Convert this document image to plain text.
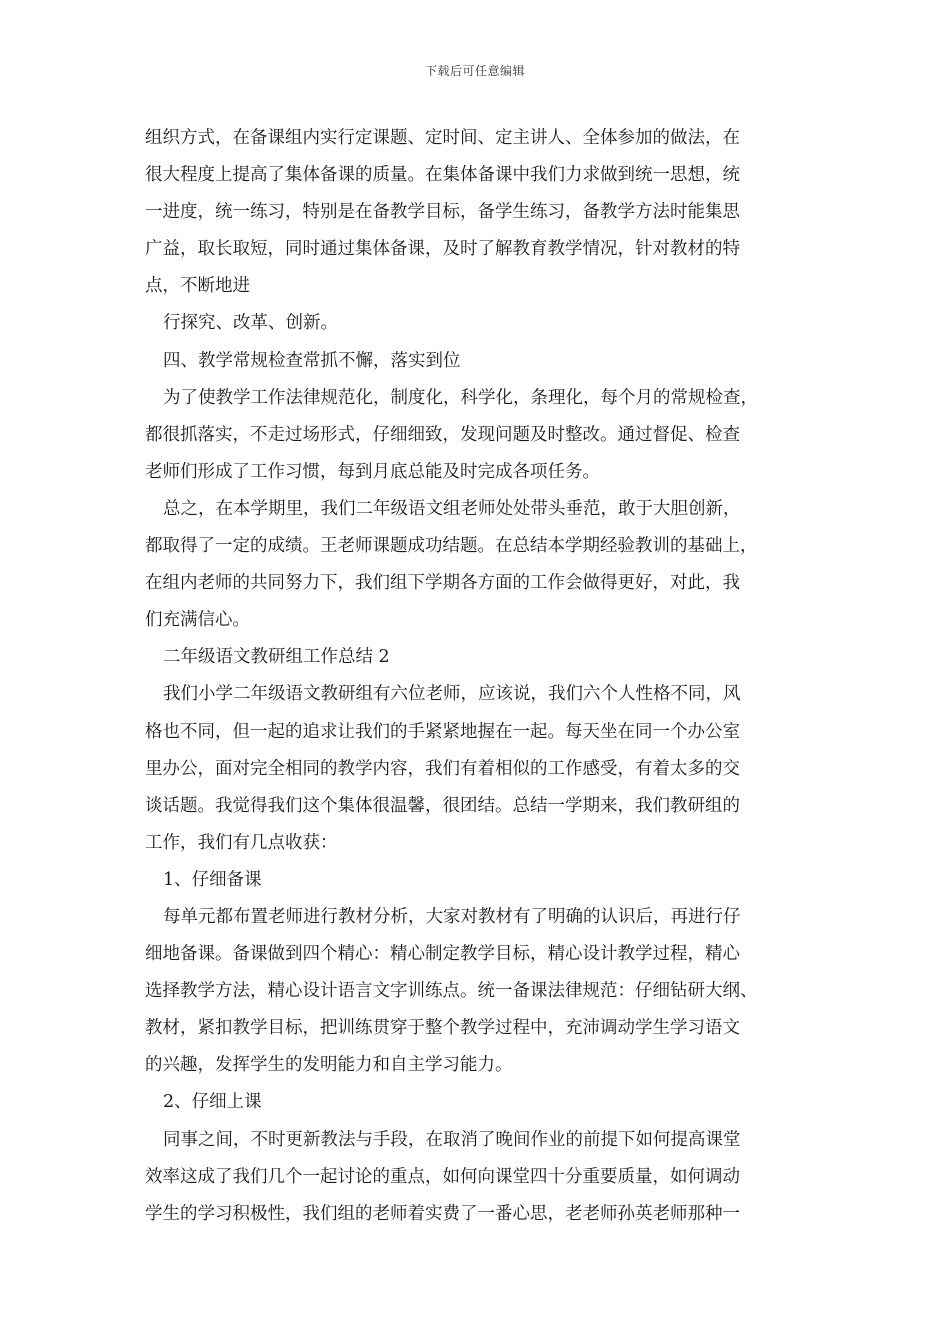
下载后可任意编辑
组织方式，在备课组内实行定课题、定时间、定主讲人、全体参加的做法，在
很大程度上提高了集体备课的质量。在集体备课中我们力求做到统一思想，统
一进度，统一练习，特别是在备教学目标，备学生练习，备教学方法时能集思
广益，取长取短，同时通过集体备课，及时了解教育教学情况，针对教材的特
点，不断地进
行探究、改革、创新。
四、教学常规检查常抓不懈，落实到位
为了使教学工作法律规范化，制度化，科学化，条理化，每个月的常规检查，
都很抓落实，不走过场形式，仔细细致，发现问题及时整改。通过督促、检查
老师们形成了工作习惯，每到月底总能及时完成各项任务。
总之，在本学期里，我们二年级语文组老师处处带头垂范，敢于大胆创新，
都取得了一定的成绩。王老师课题成功结题。在总结本学期经验教训的基础上，
在组内老师的共同努力下，我们组下学期各方面的工作会做得更好，对此，我
们充满信心。
二年级语文教研组工作总结 2
我们小学二年级语文教研组有六位老师，应该说，我们六个人性格不同，风
格也不同，但一起的追求让我们的手紧紧地握在一起。每天坐在同一个办公室
里办公，面对完全相同的教学内容，我们有着相似的工作感受，有着太多的交
谈话题。我觉得我们这个集体很温馨，很团结。总结一学期来，我们教研组的
工作，我们有几点收获：
1、仔细备课
每单元都布置老师进行教材分析，大家对教材有了明确的认识后，再进行仔
细地备课。备课做到四个精心：精心制定教学目标，精心设计教学过程，精心
选择教学方法，精心设计语言文字训练点。统一备课法律规范：仔细钻研大纲、
教材，紧扣教学目标，把训练贯穿于整个教学过程中，充沛调动学生学习语文
的兴趣，发挥学生的发明能力和自主学习能力。
2、仔细上课
同事之间，不时更新教法与手段，在取消了晚间作业的前提下如何提高课堂
效率这成了我们几个一起讨论的重点，如何向课堂四十分重要质量，如何调动
学生的学习积极性，我们组的老师着实费了一番心思，老老师孙英老师那种一
